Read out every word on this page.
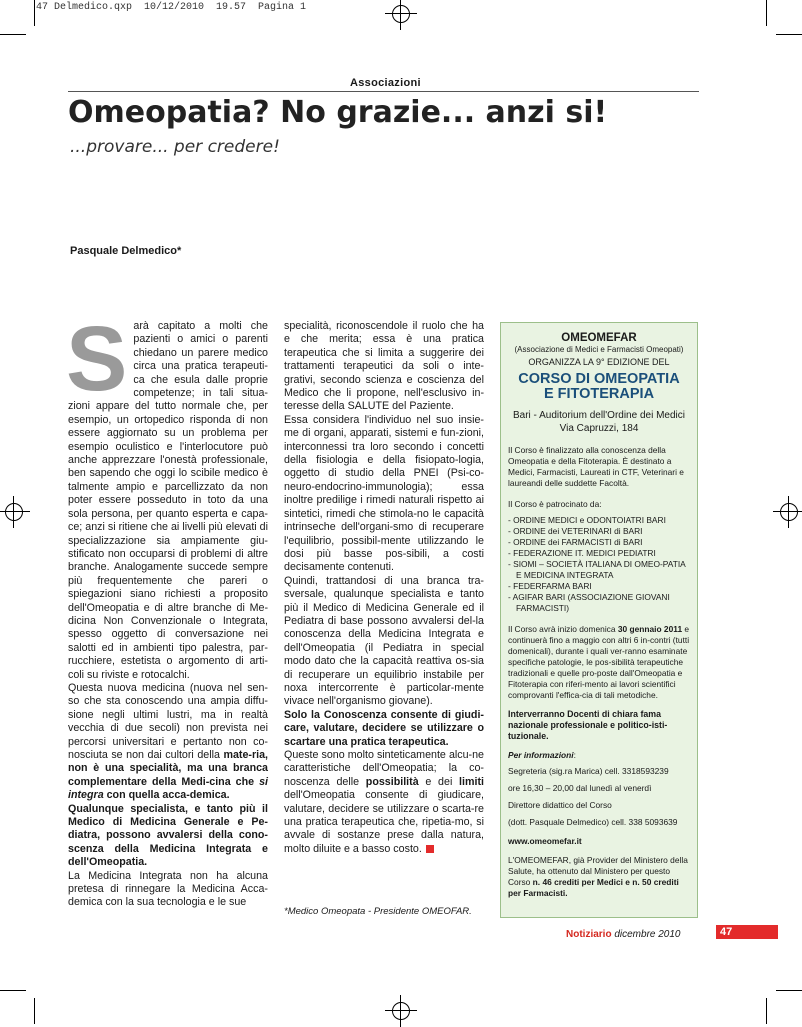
47 Delmedico.qxp  10/12/2010  19.57  Pagina 1
Associazioni
Omeopatia? No grazie... anzi si!
...provare... per credere!
Pasquale Delmedico*
S arà capitato a molti che pazienti o amici o parenti chiedano un parere medico circa una pratica terapeuti-ca che esula dalle proprie competenze; in tali situa-zioni appare del tutto normale che, per esempio, un ortopedico risponda di non essere aggiornato su un problema per esempio oculistico e l'interlocutore può anche apprezzare l'onestà professionale, ben sapendo che oggi lo scibile medico è talmente ampio e parcellizzato da non poter essere posseduto in toto da una sola persona, per quanto esperta e capa-ce; anzi si ritiene che ai livelli più elevati di specializzazione sia ampiamente giu-stificato non occuparsi di problemi di altre branche. Analogamente succede sempre più frequentemente che pareri o spiegazioni siano richiesti a proposito dell'Omeopatia e di altre branche di Me-dicina Non Convenzionale o Integrata, spesso oggetto di conversazione nei salotti ed in ambienti tipo palestra, par-rucchiere, estetista o argomento di arti-coli su riviste e rotocalchi.

Questa nuova medicina (nuova nel sen-so che sta conoscendo una ampia diffu-sione negli ultimi lustri, ma in realtà vecchia di due secoli) non prevista nei percorsi universitari e pertanto non co-nosciuta se non dai cultori della mate-ria, non è una specialità, ma una branca complementare della Medi-cina che si integra con quella acca-demica.

Qualunque specialista, e tanto più il Medico di Medicina Generale e Pe-diatra, possono avvalersi della cono-scenza della Medicina Integrata e dell'Omeopatia.

La Medicina Integrata non ha alcuna pretesa di rinnegare la Medicina Acca-demica con la sua tecnologia e le sue

specialità, riconoscendole il ruolo che ha e che merita; essa è una pratica terapeutica che si limita a suggerire dei trattamenti terapeutici da soli o inte-grativi, secondo scienza e coscienza del Medico che li propone, nell'esclusivo in-teresse della SALUTE del Paziente.

Essa considera l'individuo nel suo insie-me di organi, apparati, sistemi e fun-zioni, interconnessi tra loro secondo i concetti della fisiologia e della fisiopato-logia, oggetto di studio della PNEI (Psi-co-neuro-endocrino-immunologia); essa inoltre predilige i rimedi naturali rispetto ai sintetici, rimedi che stimola-no le capacità intrinseche dell'organi-smo di recuperare l'equilibrio, possibil-mente utilizzando le dosi più basse pos-sibili, a costi decisamente contenuti.

Quindi, trattandosi di una branca tra-sversale, qualunque specialista e tanto più il Medico di Medicina Generale ed il Pediatra di base possono avvalersi del-la conoscenza della Medicina Integrata e dell'Omeopatia (il Pediatra in special modo dato che la capacità reattiva os-sia di recuperare un equilibrio instabile per noxa intercorrente è particolar-mente vivace nell'organismo giovane).

Solo la Conoscenza consente di giudi-care, valutare, decidere se utilizzare o scartare una pratica terapeutica.

Queste sono molto sinteticamente alcu-ne caratteristiche dell'Omeopatia; la co-noscenza delle possibilità e dei limiti dell'Omeopatia consente di giudicare, valutare, decidere se utilizzare o scarta-re una pratica terapeutica che, ripetia-mo, si avvale di sostanze prese dalla natura, molto diluite e a basso costo.

*Medico Omeopata - Presidente OMEOFAR.
OMEOMEFAR
(Associazione di Medici e Farmacisti Omeopati)
ORGANIZZA LA 9° EDIZIONE DEL
CORSO DI OMEOPATIA
E FITOTERAPIA
Bari - Auditorium dell'Ordine dei Medici
Via Capruzzi, 184
Il Corso è finalizzato alla conoscenza della Omeopatia e della Fitoterapia. È destinato a Medici, Farmacisti, Laureati in CTF, Veterinari e laureandi delle suddette Facoltà.
Il Corso è patrocinato da:
- ORDINE MEDICI e ODONTOIATRI BARI
- ORDINE dei VETERINARI di BARI
- ORDINE dei FARMACISTI di BARI
- FEDERAZIONE IT. MEDICI PEDIATRI
- SIOMI – SOCIETÀ ITALIANA DI OMEO-PATIA E MEDICINA INTEGRATA
- FEDERFARMA BARI
- AGIFAR BARI (ASSOCIAZIONE GIOVANI FARMACISTI)
Il Corso avrà inizio domenica 30 gennaio 2011 e continuerà fino a maggio con altri 6 in-contri (tutti domenicali), durante i quali ver-ranno esaminate specifiche patologie, le pos-sibilità terapeutiche tradizionali e quelle pro-poste dall'Omeopatia e Fitoterapia con riferi-mento ai lavori scientifici comprovanti l'effica-cia di tali metodiche.
Interverranno Docenti di chiara fama nazionale professionale e politico-isti-tuzionale.
Per informazioni:
Segreteria (sig.ra Marica) cell. 3318593239
ore 16,30 – 20,00 dal lunedì al venerdì
Direttore didattico del Corso
(dott. Pasquale Delmedico) cell. 338 5093639
www.omeomefar.it
L'OMEOMEFAR, già Provider del Ministero della Salute, ha ottenuto dal Ministero per questo Corso n. 46 crediti per Medici e n. 50 crediti per Farmacisti.
Notiziario dicembre 2010	47
